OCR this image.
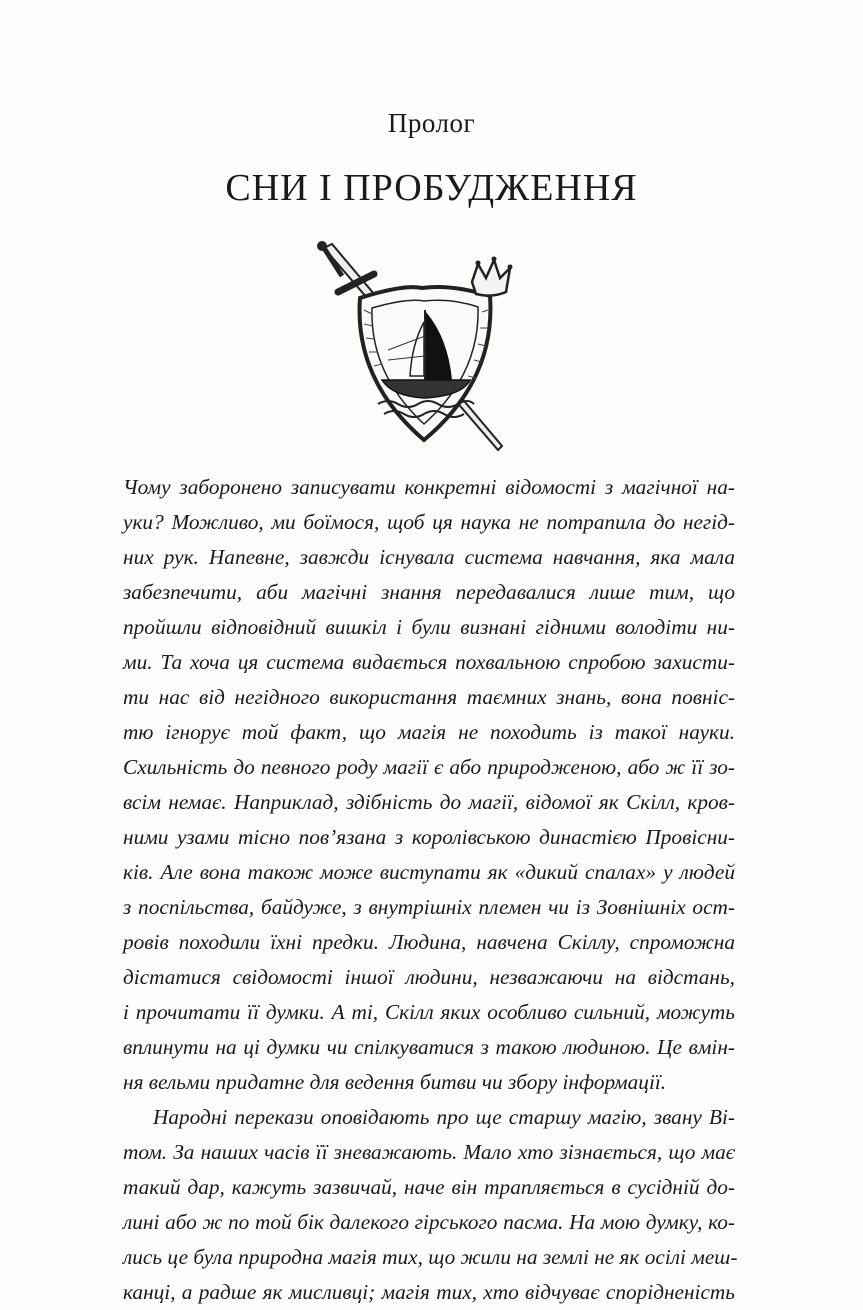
Пролог
СНИ І ПРОБУДЖЕННЯ
Чому заборонено записувати конкретні відомості з магічної на-
уки? Можливо, ми боїмося, щоб ця наука не потрапила до негід-
них рук. Напевне, завжди існувала система навчання, яка мала
забезпечити, аби магічні знання передавалися лише тим, що
пройшли відповідний вишкіл і були визнані гідними володіти ни-
ми. Та хоча ця система видається похвальною спробою захисти-
ти нас від негідного використання таємних знань, вона повніс-
тю ігнорує той факт, що магія не походить із такої науки.
Схильність до певного роду магії є або природженою, або ж її зо-
всім немає. Наприклад, здібність до магії, відомої як Скілл, кров-
ними узами тісно пов’язана з королівською династією Провісни-
ків. Але вона також може виступати як «дикий спалах» у людей
з поспільства, байдуже, з внутрішніх племен чи із Зовнішніх ост-
ровів походили їхні предки. Людина, навчена Скіллу, спроможна
дістатися свідомості іншої людини, незважаючи на відстань,
і прочитати її думки. А ті, Скілл яких особливо сильний, можуть
вплинути на ці думки чи спілкуватися з такою людиною. Це вмін-
ня вельми придатне для ведення битви чи збору інформації.
Народні перекази оповідають про ще старшу магію, звану Ві-
том. За наших часів її зневажають. Мало хто зізнається, що має
такий дар, кажуть зазвичай, наче він трапляється в сусідній до-
лині або ж по той бік далекого гірського пасма. На мою думку, ко-
лись це була природна магія тих, що жили на землі не як осілі меш-
канці, а радше як мисливці; магія тих, хто відчуває спорідненість
